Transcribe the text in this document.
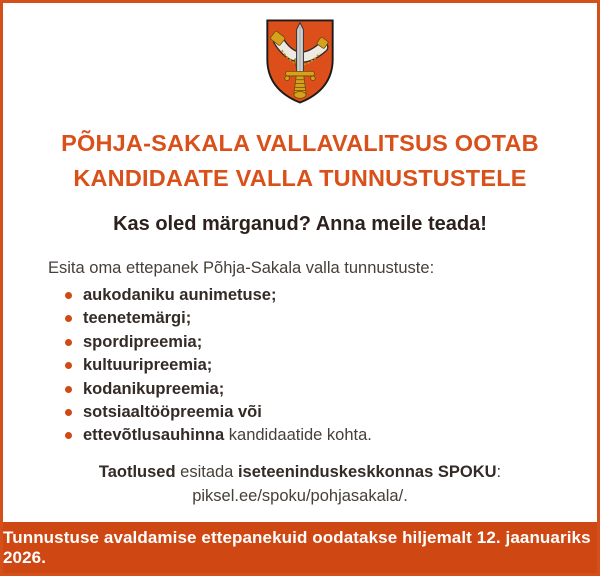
PÕHJA-SAKALA VALLAVALITSUS OOTAB
KANDIDAATE VALLA TUNNUSTUSTELE
Kas oled märganud? Anna meile teada!
Esita oma ettepanek Põhja-Sakala valla tunnustuste:
aukodaniku aunimetuse;
teenetemärgi;
spordipreemia;
kultuuripreemia;
kodanikupreemia;
sotsiaaltööpreemia või
ettevõtlusauhinna kandidaatide kohta.
Taotlused esitada iseteeninduskeskkonnas SPOKU:
piksel.ee/spoku/pohjasakala/.
Tunnustuse avaldamise ettepanekuid oodatakse hiljemalt 12. jaanuariks 2026.
